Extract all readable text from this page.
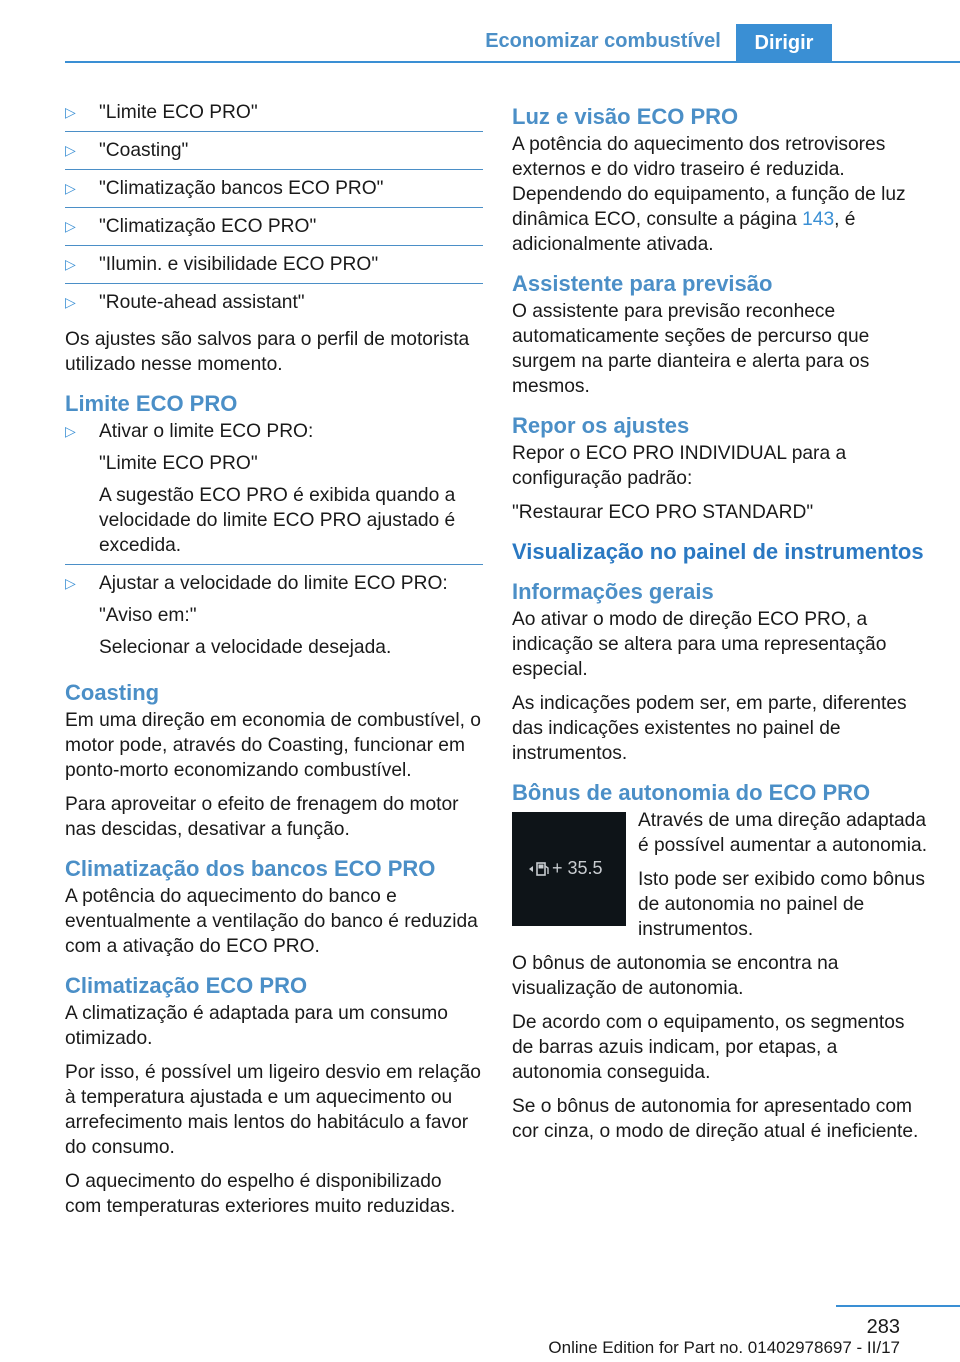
Economizar combustível	Dirigir
▷ "Limite ECO PRO"
▷ "Coasting"
▷ "Climatização bancos ECO PRO"
▷ "Climatização ECO PRO"
▷ "Ilumin. e visibilidade ECO PRO"
▷ "Route-ahead assistant"

Os ajustes são salvos para o perfil de motorista utilizado nesse momento.

Limite ECO PRO
▷ Ativar o limite ECO PRO:
"Limite ECO PRO"
A sugestão ECO PRO é exibida quando a velocidade do limite ECO PRO ajustado é excedida.
▷ Ajustar a velocidade do limite ECO PRO:
"Aviso em:"
Selecionar a velocidade desejada.
Coasting

Em uma direção em economia de combustível, o motor pode, através do Coasting, funcionar em ponto-morto economizando combustível.

Para aproveitar o efeito de frenagem do motor nas descidas, desativar a função.

Climatização dos bancos ECO PRO

A potência do aquecimento do banco e eventualmente a ventilação do banco é reduzida com a ativação do ECO PRO.

Climatização ECO PRO

A climatização é adaptada para um consumo otimizado.

Por isso, é possível um ligeiro desvio em relação à temperatura ajustada e um aquecimento ou arrefecimento mais lentos do habitáculo a favor do consumo.

O aquecimento do espelho é disponibilizado com temperaturas exteriores muito reduzidas.

Luz e visão ECO PRO

A potência do aquecimento dos retrovisores externos e do vidro traseiro é reduzida. Dependendo do equipamento, a função de luz dinâmica ECO, consulte a página 143, é adicionalmente ativada.

Assistente para previsão

O assistente para previsão reconhece automaticamente seções de percurso que surgem na parte dianteira e alerta para os mesmos.

Repor os ajustes

Repor o ECO PRO INDIVIDUAL para a configuração padrão:

"Restaurar ECO PRO STANDARD"

Visualização no painel de instrumentos
Informações gerais

Ao ativar o modo de direção ECO PRO, a indicação se altera para uma representação especial.

As indicações podem ser, em parte, diferentes das indicações existentes no painel de instrumentos.

Bônus de autonomia do ECO PRO
+ 35.5

Através de uma direção adaptada é possível aumentar a autonomia.

Isto pode ser exibido como bônus de autonomia no painel de instrumentos.

O bônus de autonomia se encontra na visualização de autonomia.

De acordo com o equipamento, os segmentos de barras azuis indicam, por etapas, a autonomia conseguida.

Se o bônus de autonomia for apresentado com cor cinza, o modo de direção atual é ineficiente.

283
Online Edition for Part no. 01402978697 - II/17
